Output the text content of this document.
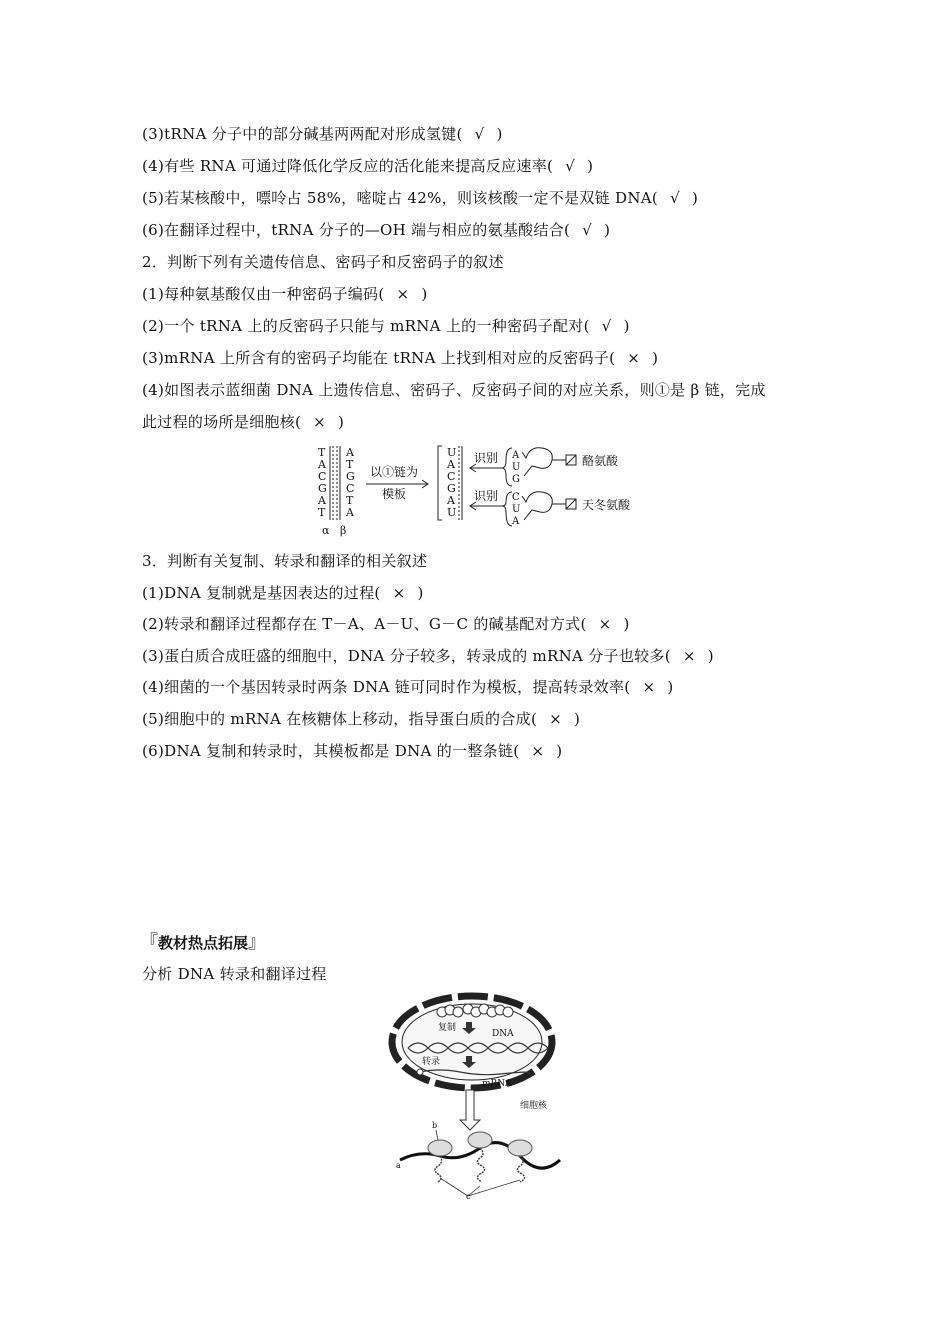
(3)tRNA 分子中的部分碱基两两配对形成氢键( √ )
(4)有些 RNA 可通过降低化学反应的活化能来提高反应速率( √ )
(5)若某核酸中，嘌呤占 58%，嘧啶占 42%，则该核酸一定不是双链 DNA( √ )
(6)在翻译过程中，tRNA 分子的—OH 端与相应的氨基酸结合( √ )
2．判断下列有关遗传信息、密码子和反密码子的叙述
(1)每种氨基酸仅由一种密码子编码( × )
(2)一个 tRNA 上的反密码子只能与 mRNA 上的一种密码子配对( √ )
(3)mRNA 上所含有的密码子均能在 tRNA 上找到相对应的反密码子( × )
(4)如图表示蓝细菌 DNA 上遗传信息、密码子、反密码子间的对应关系，则①是 β 链，完成
此过程的场所是细胞核( × )
T
A
C
G
A
T
A
T
G
C
T
A
α β
以①链为
模板
U
A
C
G
A
U
识别
识别
A
U
G
酪氨酸
C
U
A
天冬氨酸
3．判断有关复制、转录和翻译的相关叙述
(1)DNA 复制就是基因表达的过程( × )
(2)转录和翻译过程都存在 T－A、A－U、G－C 的碱基配对方式( × )
(3)蛋白质合成旺盛的细胞中，DNA 分子较多，转录成的 mRNA 分子也较多( × )
(4)细菌的一个基因转录时两条 DNA 链可同时作为模板，提高转录效率( × )
(5)细胞中的 mRNA 在核糖体上移动，指导蛋白质的合成( × )
(6)DNA 复制和转录时，其模板都是 DNA 的一整条链( × )
『教材热点拓展』
分析 DNA 转录和翻译过程
复制
DNA
转录
mRNA
细胞核
a
b
c
